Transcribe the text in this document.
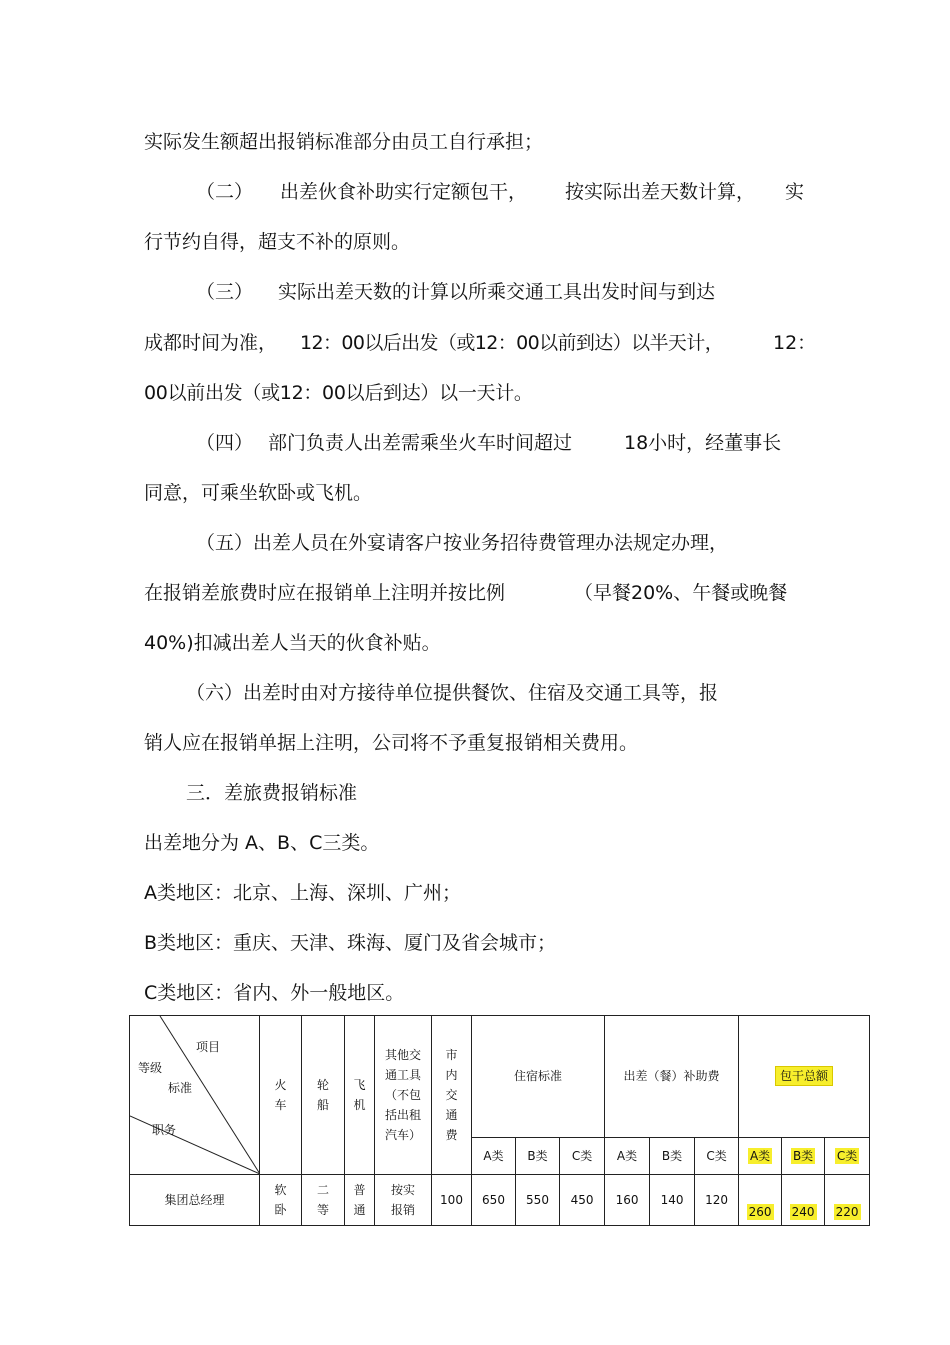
实际发生额超出报销标准部分由员工自行承担；

（二）

出差伙食补助实行定额包干，

按实际出差天数计算，

实

行节约自得，超支不补的原则。

（三）

实际出差天数的计算以所乘交通工具出发时间与到达

成都时间为准，

12：00以后出发（或12：00以前到达）以半天计，

	12：

00以前出发（或12：00以后到达）以一天计。

（四）

部门负责人出差需乘坐火车时间超过

	18小时，经董事长

同意，可乘坐软卧或飞机。
（五）出差人员在外宴请客户按业务招待费管理办法规定办理，

在报销差旅费时应在报销单上注明并按比例

	（早餐20%、午餐或晚餐

40%)扣减出差人当天的伙食补贴。
（六）出差时由对方接待单位提供餐饮、住宿及交通工具等，报
销人应在报销单据上注明，公司将不予重复报销相关费用。
三．差旅费报销标准
出差地分为 A、B、C三类。
A类地区：北京、上海、深圳、广州；
B类地区：重庆、天津、珠海、厦门及省会城市；
C类地区：省内、外一般地区。
项目
等级
标准
职务	火车	轮船	飞机	其他交通工具（不包括出租汽车）	市内交通费	住宿标准			出差（餐）补助费			包干总额		
						A类	B类	C类	A类	B类	C类	A类	B类	C类
集团总经理	软卧	二等	普通	按实报销	100	650	550	450	160	140	120	260	240	220
